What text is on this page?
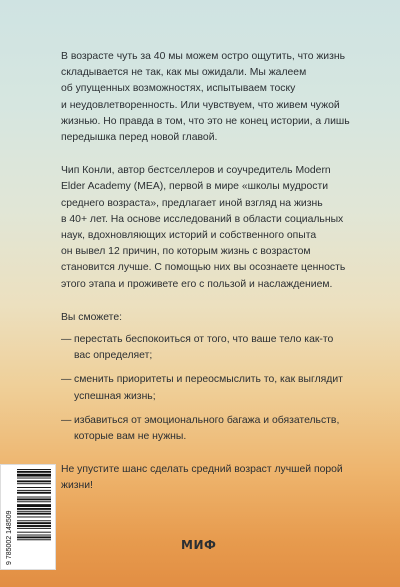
В возрасте чуть за 40 мы можем остро ощутить, что жизнь
складывается не так, как мы ожидали. Мы жалеем
об упущенных возможностях, испытываем тоску
и неудовлетворенность. Или чувствуем, что живем чужой
жизнью. Но правда в том, что это не конец истории, а лишь
передышка перед новой главой.
Чип Конли, автор бестселлеров и соучредитель Modern
Elder Academy (MEA), первой в мире «школы мудрости
среднего возраста», предлагает иной взгляд на жизнь
в 40+ лет. На основе исследований в области социальных
наук, вдохновляющих историй и собственного опыта
он вывел 12 причин, по которым жизнь с возрастом
становится лучше. С помощью них вы осознаете ценность
этого этапа и проживете его с пользой и наслаждением.
Вы сможете:
— перестать беспокоиться от того, что ваше тело как-то
вас определяет;
— сменить приоритеты и переосмыслить то, как выглядит
успешная жизнь;
— избавиться от эмоционального багажа и обязательств,
которые вам не нужны.
Не упустите шанс сделать средний возраст лучшей порой
жизни!
9 785002 148509	МИФ
